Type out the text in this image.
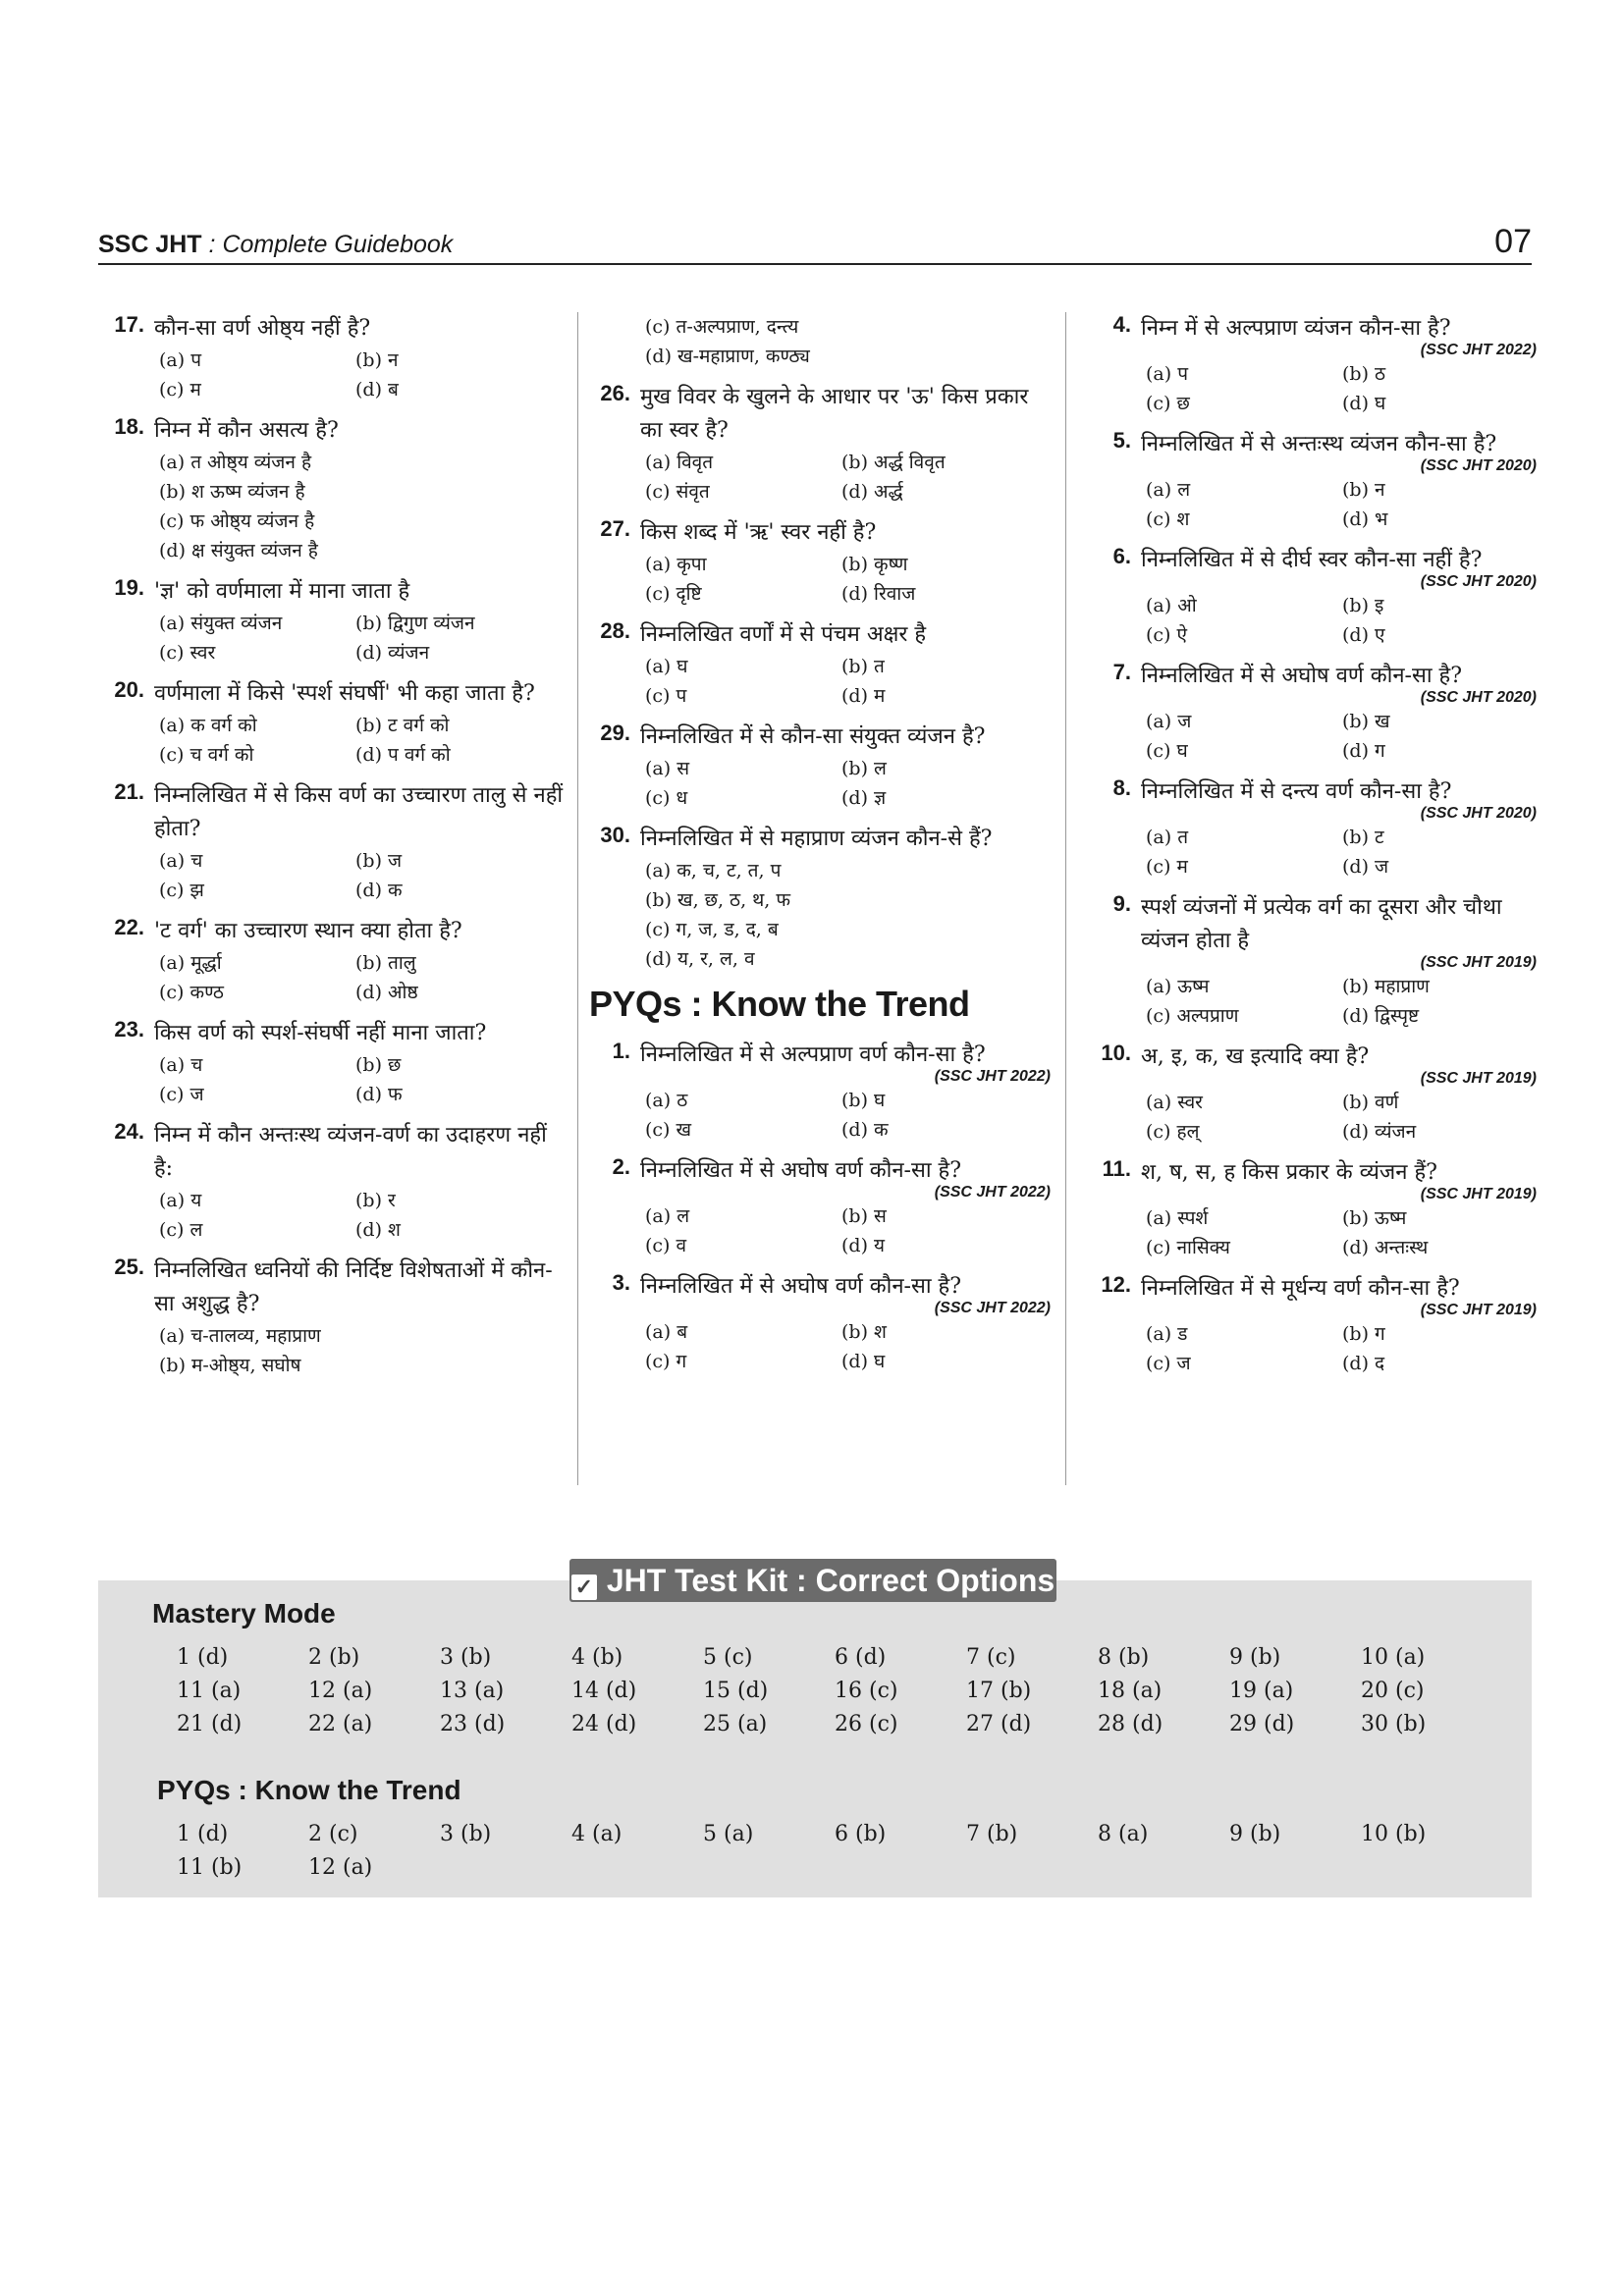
SSC JHT : Complete Guidebook	07
17. कौन-सा वर्ण ओष्ठ्य नहीं है?
(a) प	(b) न
(c) म	(d) ब
18. निम्न में कौन असत्य है?
(a) त ओष्ठ्य व्यंजन है
(b) श ऊष्म व्यंजन है
(c) फ ओष्ठ्य व्यंजन है
(d) क्ष संयुक्त व्यंजन है
19. 'ज्ञ' को वर्णमाला में माना जाता है
(a) संयुक्त व्यंजन	(b) द्विगुण व्यंजन
(c) स्वर	(d) व्यंजन
20. वर्णमाला में किसे 'स्पर्श संघर्षी' भी कहा जाता है?
(a) क वर्ग को	(b) ट वर्ग को
(c) च वर्ग को	(d) प वर्ग को
21. निम्नलिखित में से किस वर्ण का उच्चारण तालु से नहीं होता?
(a) च	(b) ज
(c) झ	(d) क
22. 'ट वर्ग' का उच्चारण स्थान क्या होता है?
(a) मूर्द्धा	(b) तालु
(c) कण्ठ	(d) ओष्ठ
23. किस वर्ण को स्पर्श-संघर्षी नहीं माना जाता?
(a) च	(b) छ
(c) ज	(d) फ
24. निम्न में कौन अन्तःस्थ व्यंजन-वर्ण का उदाहरण नहीं है:
(a) य	(b) र
(c) ल	(d) श
25. निम्नलिखित ध्वनियों की निर्दिष्ट विशेषताओं में कौन-सा अशुद्ध है?
(a) च-तालव्य, महाप्राण
(b) म-ओष्ठ्य, सघोष
(c) त-अल्पप्राण, दन्त्य
(d) ख-महाप्राण, कण्ठ्य
26. मुख विवर के खुलने के आधार पर 'ऊ' किस प्रकार का स्वर है?
(a) विवृत	(b) अर्द्ध विवृत
(c) संवृत	(d) अर्द्ध
27. किस शब्द में 'ऋ' स्वर नहीं है?
(a) कृपा	(b) कृष्ण
(c) दृष्टि	(d) रिवाज
28. निम्नलिखित वर्णों में से पंचम अक्षर है
(a) घ	(b) त
(c) प	(d) म
29. निम्नलिखित में से कौन-सा संयुक्त व्यंजन है?
(a) स	(b) ल
(c) ध	(d) ज्ञ
30. निम्नलिखित में से महाप्राण व्यंजन कौन-से हैं?
(a) क, च, ट, त, प
(b) ख, छ, ठ, थ, फ
(c) ग, ज, ड, द, ब
(d) य, र, ल, व
PYQs : Know the Trend
1. निम्नलिखित में से अल्पप्राण वर्ण कौन-सा है?
(SSC JHT 2022)
(a) ठ	(b) घ
(c) ख	(d) क
2. निम्नलिखित में से अघोष वर्ण कौन-सा है?
(SSC JHT 2022)
(a) ल	(b) स
(c) व	(d) य
3. निम्नलिखित में से अघोष वर्ण कौन-सा है?
(SSC JHT 2022)
(a) ब	(b) श
(c) ग	(d) घ
4. निम्न में से अल्पप्राण व्यंजन कौन-सा है?
(SSC JHT 2022)
(a) प	(b) ठ
(c) छ	(d) घ
5. निम्नलिखित में से अन्तःस्थ व्यंजन कौन-सा है?
(SSC JHT 2020)
(a) ल	(b) न
(c) श	(d) भ
6. निम्नलिखित में से दीर्घ स्वर कौन-सा नहीं है?
(SSC JHT 2020)
(a) ओ	(b) इ
(c) ऐ	(d) ए
7. निम्नलिखित में से अघोष वर्ण कौन-सा है?
(SSC JHT 2020)
(a) ज	(b) ख
(c) घ	(d) ग
8. निम्नलिखित में से दन्त्य वर्ण कौन-सा है?
(SSC JHT 2020)
(a) त	(b) ट
(c) म	(d) ज
9. स्पर्श व्यंजनों में प्रत्येक वर्ग का दूसरा और चौथा व्यंजन होता है
(SSC JHT 2019)
(a) ऊष्म	(b) महाप्राण
(c) अल्पप्राण	(d) द्विस्पृष्ट
10. अ, इ, क, ख इत्यादि क्या है?
(SSC JHT 2019)
(a) स्वर	(b) वर्ण
(c) हल्	(d) व्यंजन
11. श, ष, स, ह किस प्रकार के व्यंजन हैं?
(SSC JHT 2019)
(a) स्पर्श	(b) ऊष्म
(c) नासिक्य	(d) अन्तःस्थ
12. निम्नलिखित में से मूर्धन्य वर्ण कौन-सा है?
(SSC JHT 2019)
(a) ड	(b) ग
(c) ज	(d) द
✓ JHT Test Kit : Correct Options
Mastery Mode
1 (d)	2 (b)	3 (b)	4 (b)	5 (c)	6 (d)	7 (c)	8 (b)	9 (b)	10 (a)
11 (a)	12 (a)	13 (a)	14 (d)	15 (d)	16 (c)	17 (b)	18 (a)	19 (a)	20 (c)
21 (d)	22 (a)	23 (d)	24 (d)	25 (a)	26 (c)	27 (d)	28 (d)	29 (d)	30 (b)
PYQs : Know the Trend
1 (d)	2 (c)	3 (b)	4 (a)	5 (a)	6 (b)	7 (b)	8 (a)	9 (b)	10 (b)
11 (b)	12 (a)
